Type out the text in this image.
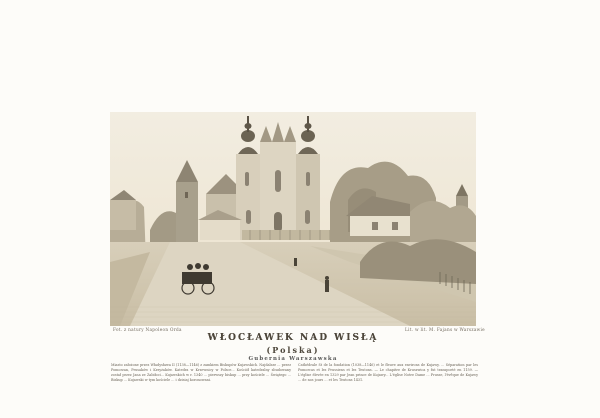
Fot. z natury Napoleon Orda	Lit. w lit. M. Fajans w Warszawie
WŁOCŁAWEK NAD WISŁĄ
(Polska)
Gubernia Warszawska
Miasto założone przez Władysława II (1138—1146) z zamkiem Biskupów Kujawskich. Najdalsze ... przez Pomorzan, Prusaków i Krzyżaków. Katedra w Krzewnicy w Polsce... Kościół katedralny zbudowany został przez Jana ze Zabiłoci... Kujawskich w r. 1340 ... pierwszy biskup ... przy kościele ... Świętego ... Biskup ... Kujawski w tym kościele ... i dzisiaj koronowani.
Cathédrale St de la fondation (1038—1146) et le fleuve aux environs de Kujawy. ... Séparation par les Pomorcas et les Prussiens et les Teutons. — Le chapitre de Kruszwica y fut transporté en 1159. — L'église élevée en 1329 par Jean prince de Kujawy... L'église Notre Dame ... Prusse, l'évêque de Kujawy ... de nos jours ... et les Teutons 1431.
